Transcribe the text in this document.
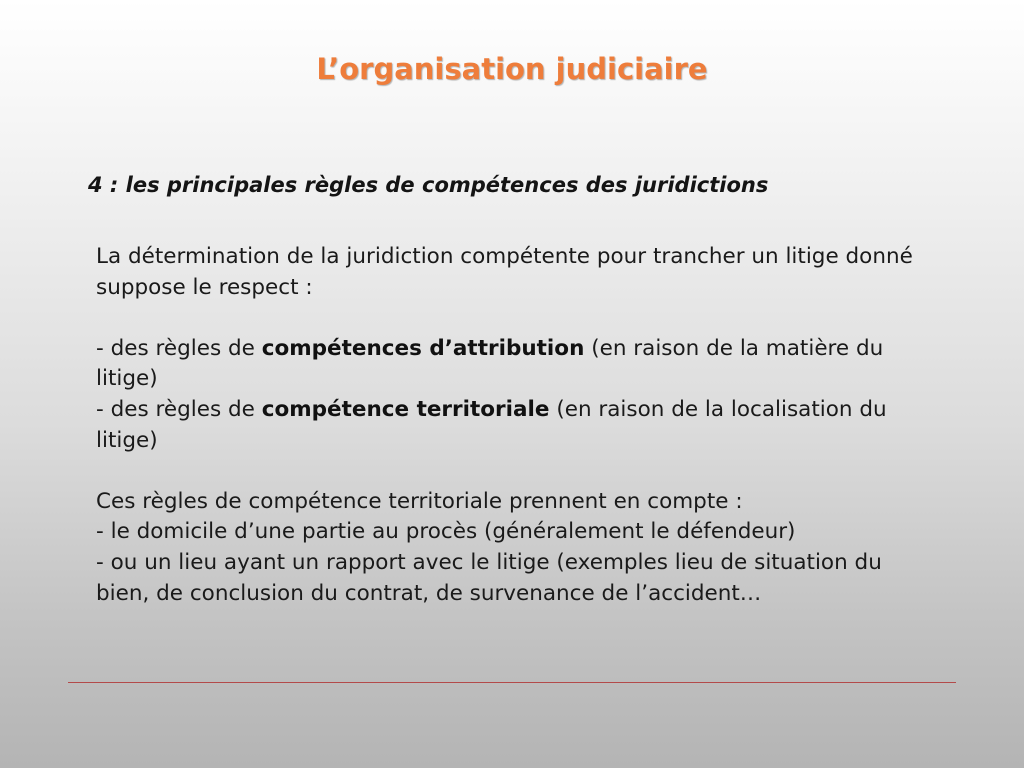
L’organisation judiciaire
4 : les principales règles de compétences des juridictions

La détermination de la juridiction compétente pour trancher un litige donné suppose le respect :

- des règles de compétences d’attribution (en raison de la matière du litige)

- des règles de compétence territoriale (en raison de la localisation du litige)

Ces règles de compétence territoriale prennent en compte :

- le domicile d’une partie au procès (généralement le défendeur)

- ou un lieu ayant un rapport avec le litige (exemples lieu de situation du bien, de conclusion du contrat, de survenance de l’accident…
